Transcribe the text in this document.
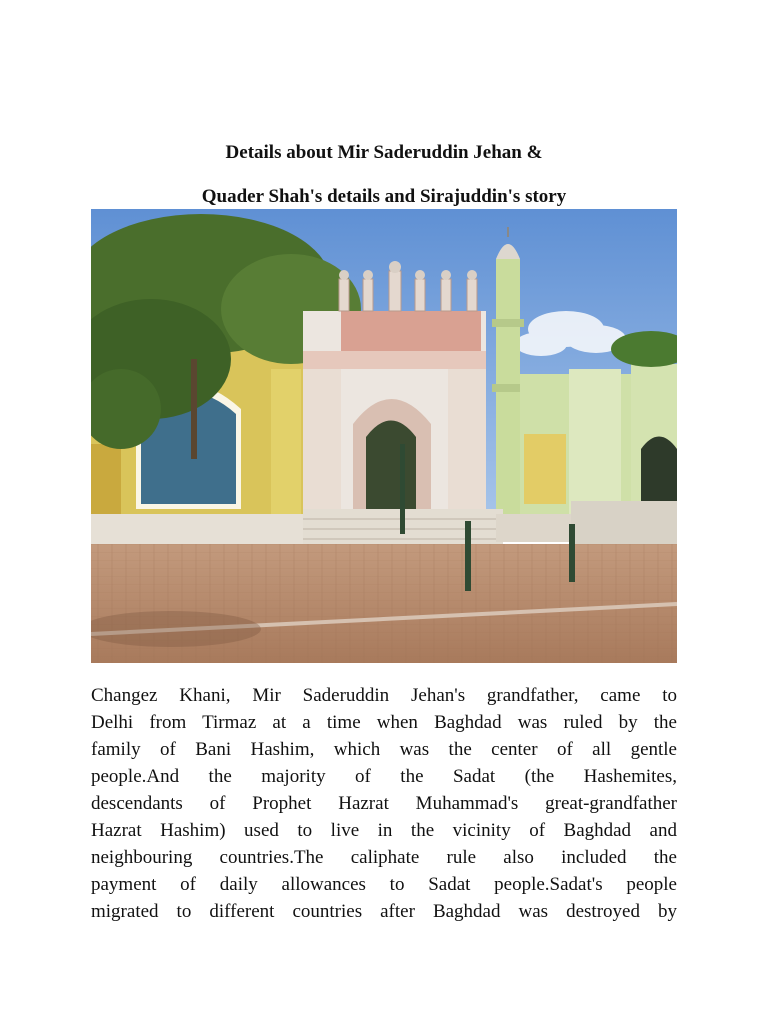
Details about Mir Saderuddin Jehan &
Quader Shah's details and Sirajuddin's story
Changez Khani, Mir Saderuddin Jehan's grandfather, came to
Delhi from Tirmaz at a time when Baghdad was ruled by the
family of Bani Hashim, which was the center of all gentle
people.And the majority of the Sadat (the Hashemites,
descendants of Prophet Hazrat Muhammad's great-grandfather
Hazrat Hashim) used to live in the vicinity of Baghdad and
neighbouring countries.The caliphate rule also included the
payment of daily allowances to Sadat people.Sadat's people
migrated to different countries after Baghdad was destroyed by
